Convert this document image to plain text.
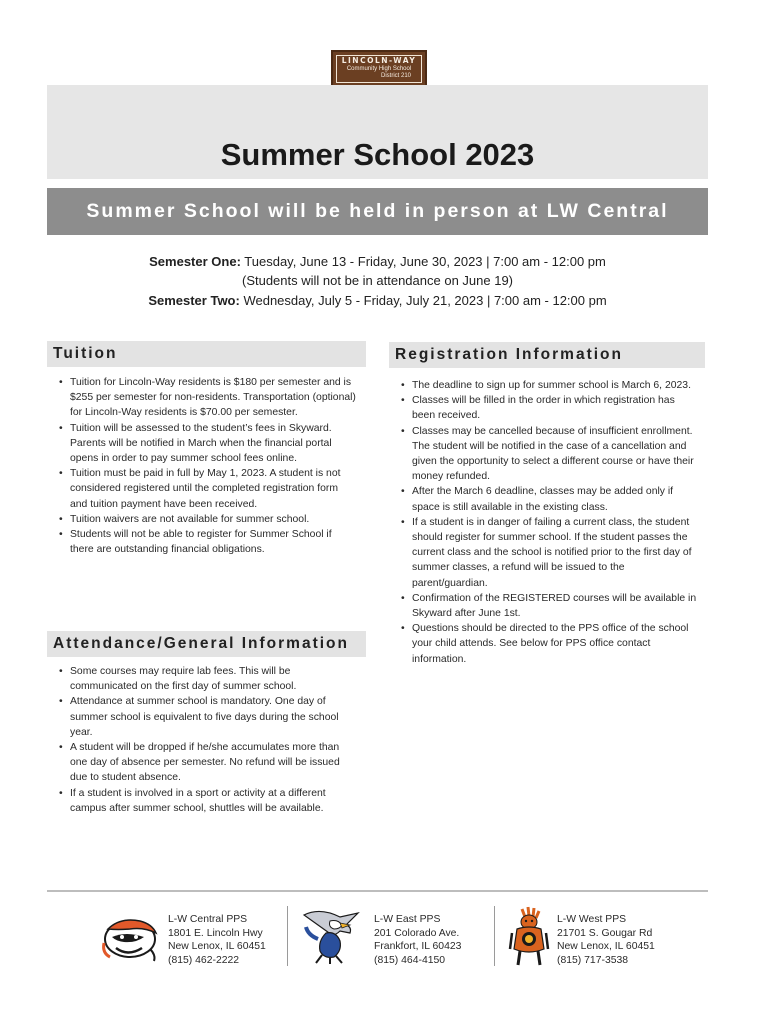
LINCOLN-WAY
Community High School
District 210
Summer School 2023
Summer School will be held in person at LW Central
Semester One: Tuesday, June 13 - Friday, June 30, 2023 | 7:00 am - 12:00 pm
(Students will not be in attendance on June 19)
Semester Two: Wednesday, July 5 - Friday, July 21, 2023 | 7:00 am - 12:00 pm
Tuition
• Tuition for Lincoln-Way residents is $180 per semester and is $255 per semester for non-residents. Transportation (optional) for Lincoln-Way residents is $70.00 per semester.
• Tuition will be assessed to the student’s fees in Skyward. Parents will be notified in March when the financial portal opens in order to pay summer school fees online.
• Tuition must be paid in full by May 1, 2023. A student is not considered registered until the completed registration form and tuition payment have been received.
• Tuition waivers are not available for summer school.
• Students will not be able to register for Summer School if there are outstanding financial obligations.
Attendance/General Information
• Some courses may require lab fees. This will be communicated on the first day of summer school.
• Attendance at summer school is mandatory. One day of summer school is equivalent to five days during the school year.
• A student will be dropped if he/she accumulates more than one day of absence per semester. No refund will be issued due to student absence.
• If a student is involved in a sport or activity at a different campus after summer school, shuttles will be available.
Registration Information
• The deadline to sign up for summer school is March 6, 2023.
• Classes will be filled in the order in which registration has been received.
• Classes may be cancelled because of insufficient enrollment. The student will be notified in the case of a cancellation and given the opportunity to select a different course or have their money refunded.
• After the March 6 deadline, classes may be added only if space is still available in the existing class.
• If a student is in danger of failing a current class, the student should register for summer school. If the student passes the current class and the school is notified prior to the first day of summer classes, a refund will be issued to the parent/guardian.
• Confirmation of the REGISTERED courses will be available in Skyward after June 1st.
• Questions should be directed to the PPS office of the school your child attends. See below for PPS office contact information.
L-W Central PPS
1801 E. Lincoln Hwy
New Lenox, IL 60451
(815) 462-2222
L-W East PPS
201 Colorado Ave.
Frankfort, IL 60423
(815) 464-4150
L-W West PPS
21701 S. Gougar Rd
New Lenox, IL 60451
(815) 717-3538
